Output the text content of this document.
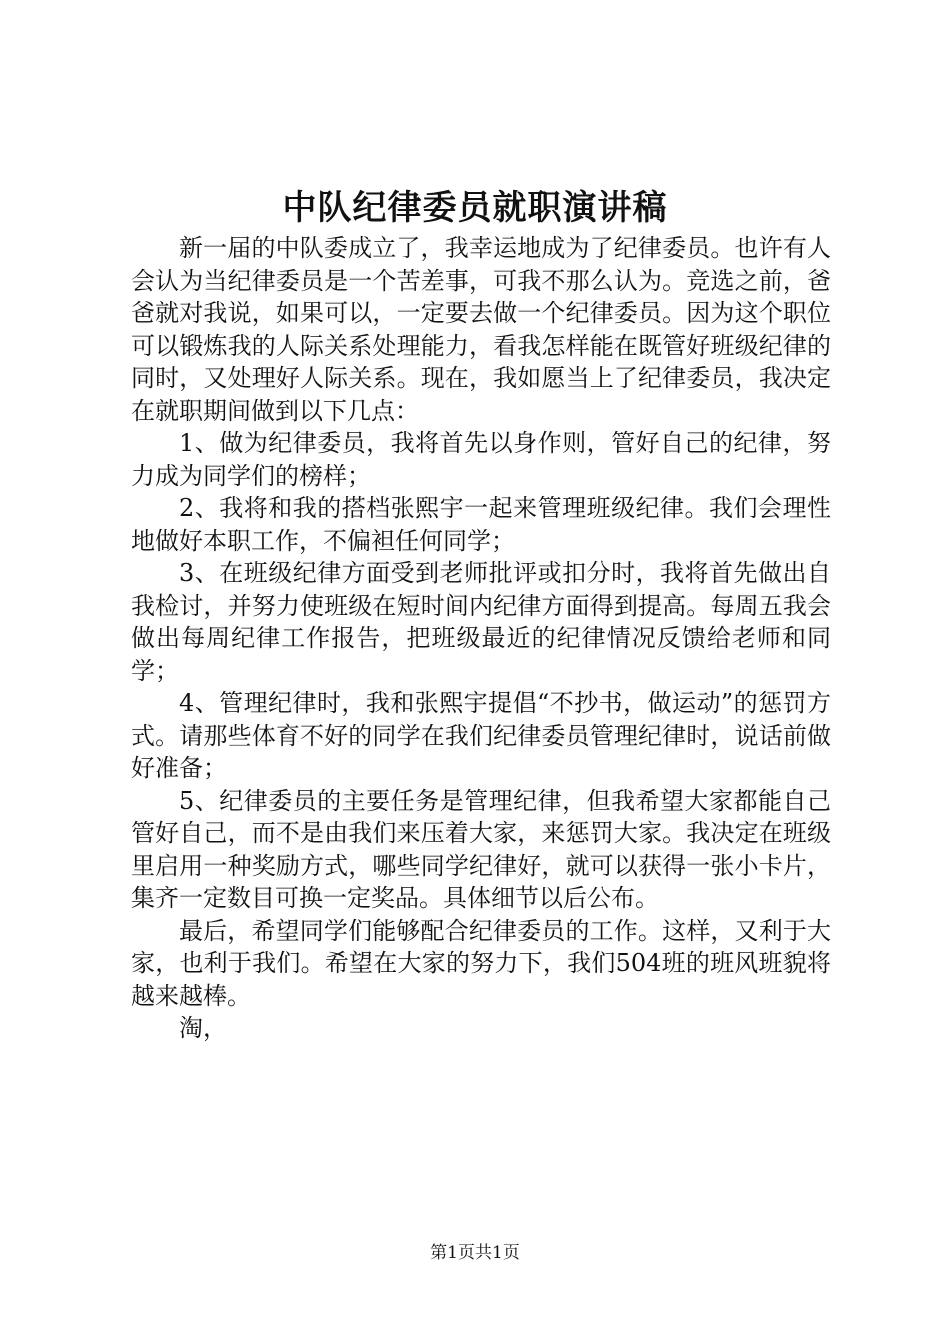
中队纪律委员就职演讲稿

新一届的中队委成立了，我幸运地成为了纪律委员。也许有人会认为当纪律委员是一个苦差事，可我不那么认为。竞选之前，爸爸就对我说，如果可以，一定要去做一个纪律委员。因为这个职位可以锻炼我的人际关系处理能力，看我怎样能在既管好班级纪律的同时，又处理好人际关系。现在，我如愿当上了纪律委员，我决定在就职期间做到以下几点：

1、做为纪律委员，我将首先以身作则，管好自己的纪律，努力成为同学们的榜样；

2、我将和我的搭档张熙宇一起来管理班级纪律。我们会理性地做好本职工作，不偏袒任何同学；

3、在班级纪律方面受到老师批评或扣分时，我将首先做出自我检讨，并努力使班级在短时间内纪律方面得到提高。每周五我会做出每周纪律工作报告，把班级最近的纪律情况反馈给老师和同学；

4、管理纪律时，我和张熙宇提倡“不抄书，做运动”的惩罚方式。请那些体育不好的同学在我们纪律委员管理纪律时，说话前做好准备；

5、纪律委员的主要任务是管理纪律，但我希望大家都能自己管好自己，而不是由我们来压着大家，来惩罚大家。我决定在班级里启用一种奖励方式，哪些同学纪律好，就可以获得一张小卡片，集齐一定数目可换一定奖品。具体细节以后公布。

最后，希望同学们能够配合纪律委员的工作。这样，又利于大家，也利于我们。希望在大家的努力下，我们504班的班风班貌将越来越棒。

淘，

第1页共1页
